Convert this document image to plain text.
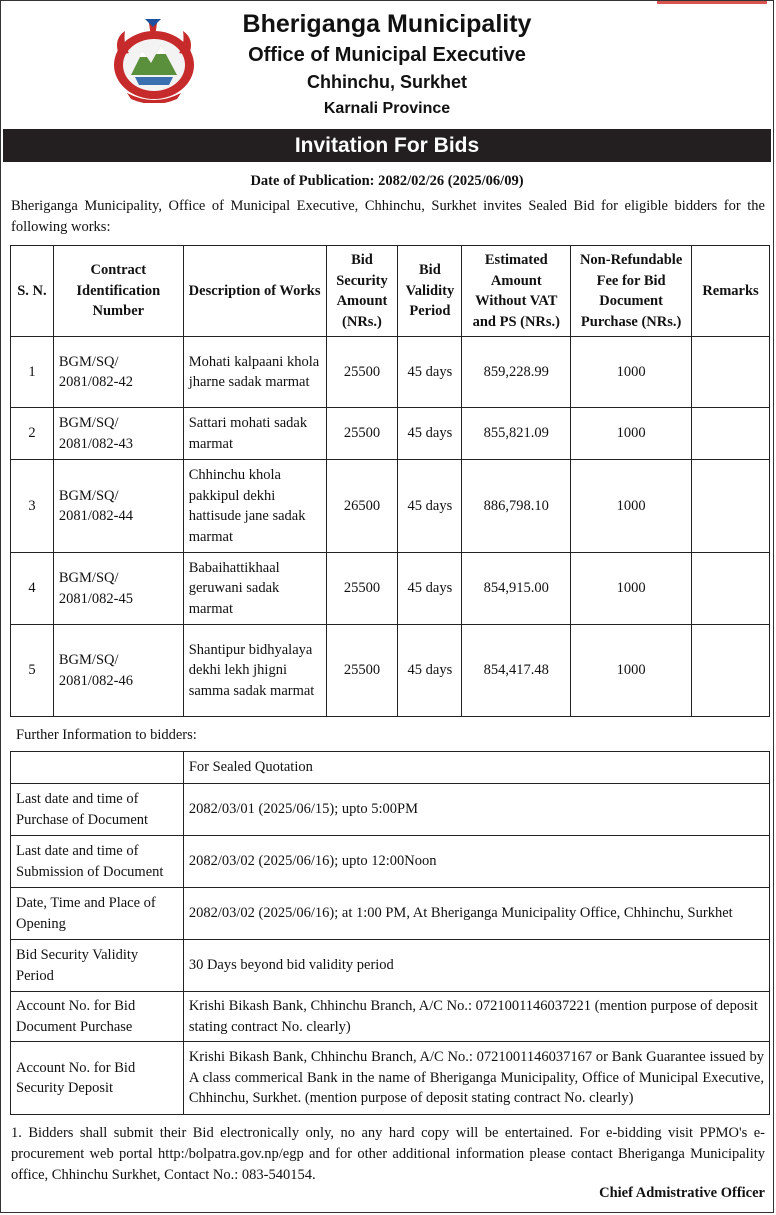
Bheriganga Municipality
Office of Municipal Executive
Chhinchu, Surkhet
Karnali Province
Invitation For Bids
Date of Publication: 2082/02/26 (2025/06/09)
Bheriganga Municipality, Office of Municipal Executive, Chhinchu, Surkhet invites Sealed Bid for eligible bidders for the following works:
S. N.	Contract Identification Number	Description of Works	Bid Security Amount (NRs.)	Bid Validity Period	Estimated Amount Without VAT and PS (NRs.)	Non-Refundable Fee for Bid Document Purchase (NRs.)	Remarks
1	BGM/SQ/ 2081/082-42	Mohati kalpaani khola jharne sadak marmat	25500	45 days	859,228.99	1000	
2	BGM/SQ/ 2081/082-43	Sattari mohati sadak marmat	25500	45 days	855,821.09	1000	
3	BGM/SQ/ 2081/082-44	Chhinchu khola pakkipul dekhi hattisude jane sadak marmat	26500	45 days	886,798.10	1000	
4	BGM/SQ/ 2081/082-45	Babaihattikhaal geruwani sadak marmat	25500	45 days	854,915.00	1000	
5	BGM/SQ/ 2081/082-46	Shantipur bidhyalaya dekhi lekh jhigni samma sadak marmat	25500	45 days	854,417.48	1000	
Further Information to bidders:
	For Sealed Quotation
Last date and time of Purchase of Document	2082/03/01 (2025/06/15); upto 5:00PM
Last date and time of Submission of Document	2082/03/02 (2025/06/16); upto 12:00Noon
Date, Time and Place of Opening	2082/03/02 (2025/06/16); at 1:00 PM, At Bheriganga Municipality Office, Chhinchu, Surkhet
Bid Security Validity Period	30 Days beyond bid validity period
Account No. for Bid Document Purchase	Krishi Bikash Bank, Chhinchu Branch, A/C No.: 0721001146037221 (mention purpose of deposit stating contract No. clearly)
Account No. for Bid Security Deposit	Krishi Bikash Bank, Chhinchu Branch, A/C No.: 0721001146037167 or Bank Guarantee issued by A class commerical Bank in the name of Bheriganga Municipality, Office of Municipal Executive, Chhinchu, Surkhet. (mention purpose of deposit stating contract No. clearly)
1. Bidders shall submit their Bid electronically only, no any hard copy will be entertained. For e-bidding visit PPMO's e-procurement web portal http:/bolpatra.gov.np/egp and for other additional information please contact Bheriganga Municipality office, Chhinchu Surkhet, Contact No.: 083-540154.
Chief Admistrative Officer
